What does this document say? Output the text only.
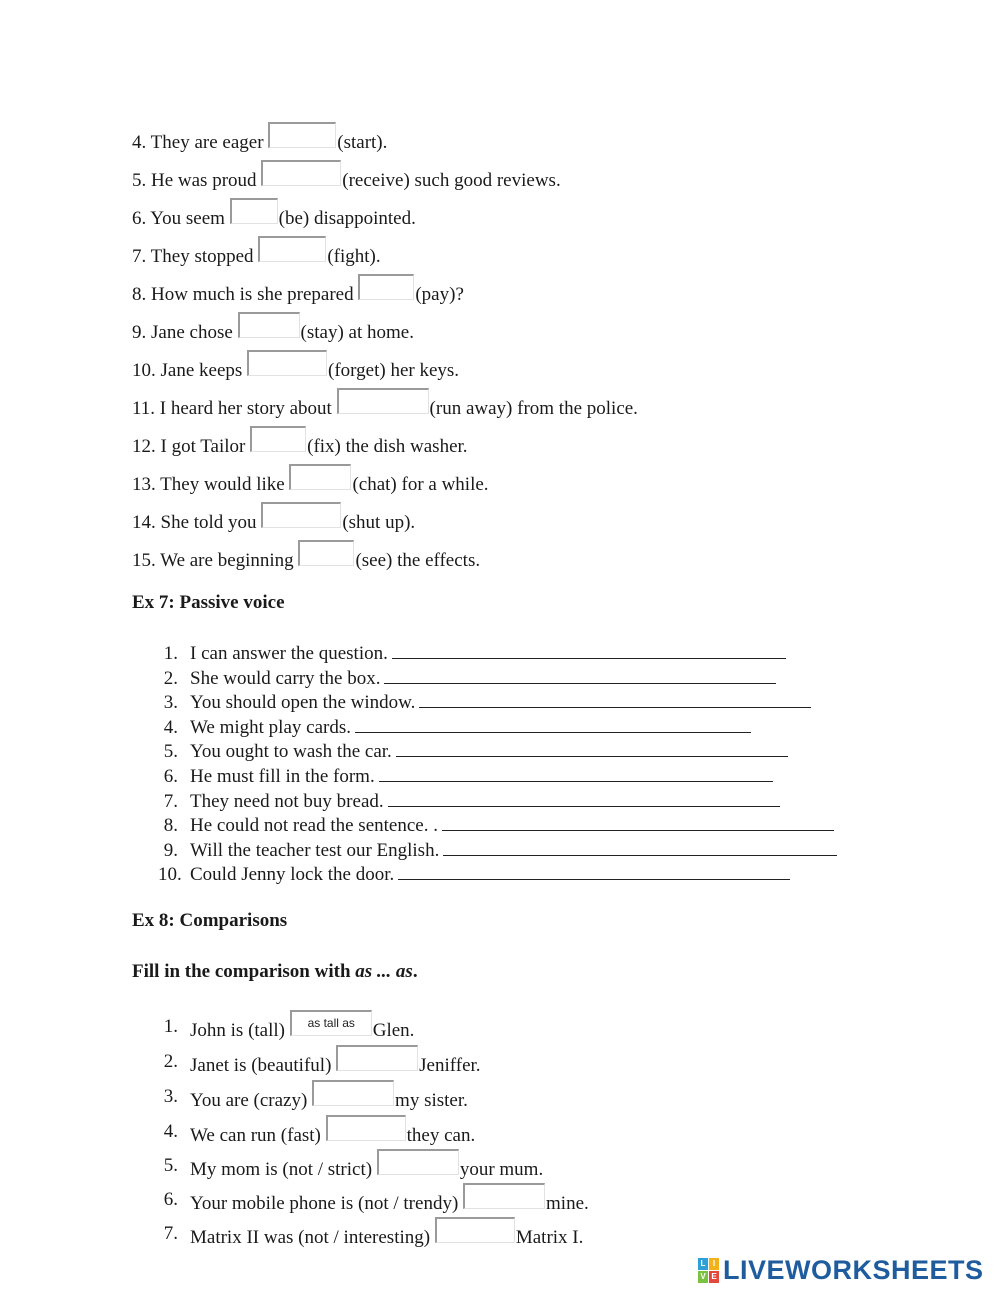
4. They are eager	(start).
5. He was proud	(receive) such good reviews.
6. You seem	(be) disappointed.
7. They stopped	(fight).
8. How much is she prepared	(pay)?
9. Jane chose	(stay) at home.
10. Jane keeps	(forget) her keys.
11. I heard her story about	(run away) from the police.
12. I got Tailor	(fix) the dish washer.
13. They would like	(chat) for a while.
14. She told you	(shut up).
15. We are beginning	(see) the effects.
Ex 7: Passive voice
1. I can answer the question.
2. She would carry the box.
3. You should open the window.
4. We might play cards.
5. You ought to wash the car.
6. He must fill in the form.
7. They need not buy bread.
8. He could not read the sentence. .
9. Will the teacher test our English.
10. Could Jenny lock the door.
Ex 8: Comparisons
Fill in the comparison with as ... as.
1. John is (tall) as tall as Glen.
2. Janet is (beautiful)	Jeniffer.
3. You are (crazy)	my sister.
4. We can run (fast)	they can.
5. My mom is (not / strict)	your mum.
6. Your mobile phone is (not / trendy)	mine.
7. Matrix II was (not / interesting)	Matrix I.
L I
V E LIVEWORKSHEETS
